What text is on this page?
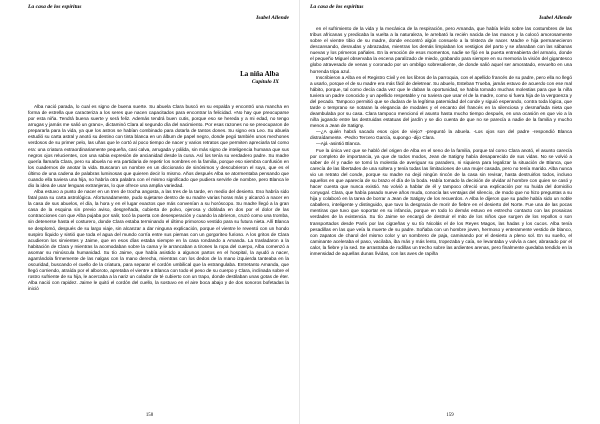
La casa de los espíritus
Isabel Allende
La niña Alba
Capítulo IX

Alba nació parada, lo cual es signo de buena suerte. Su abuela Clara buscó en su espalda y encontró una mancha en forma de estrella que caracteriza a los seres que nacen capacitados para encontrar la felicidad. «No hay que preocuparse por esta niña. Tendrá buena suerte y será feliz. Además tendrá buen cutis, porque eso se hereda y a mi edad, no tengo arrugas y jamás me salió un grano», dictaminó Clara al segundo día del nacimiento. Por esas razones no se preocuparon de prepararla para la vida, ya que los astros se habían combinado para dotarla de tantos dones. Su signo era Leo. Su abuela estudió su carta astral y anotó su destino con tinta blanca en un álbum de papel negro, donde pegó también unos mechones verdosos de su primer pelo, las uñas que le cortó al poco tiempo de nacer y varios retratos que permiten apreciarla tal como era: una criatura extraordinariamente pequeña, casi calva, arrugada y pálida, sin más signo de inteligencia humana que sus negros ojos relucientes, con una sabia expresión de ancianidad desde la cuna. Así los tenía su verdadero padre. Su madre quería llamarla Clara, pero su abuela no era partidaria de repetir los nombres en la familia, porque eso siembra confusión en los cuadernos de anotar la vida. Buscaron un nombre en un diccionario de sinónimos y descubrieron el suyo, que es el último de una cadena de palabras luminosas que quieren decir lo mismo. Años después Alba se atormentaba pensando que cuando ella tuviera una hija, no habría otra palabra con el mismo significado que pudiera servirle de nombre, pero Blanca le dio la idea de usar lenguas extranjeras, lo que ofrece una amplia variedad.

Alba estuvo a punto de nacer en un tren de trocha angosta, a las tres de la tarde, en medio del desierto. Eso habría sido fatal para su carta astrológica. Afortunadamente, pudo sujetarse dentro de su madre varias horas más y alcanzó a nacer en la casa de sus abuelos, el día, la hora y en el lugar exactos que más convenían a su horóscopo. Su madre llegó a la gran casa de la esquina sin previo aviso, desgreñada, cubierta de polvo, ojerosa y doblada en dos por el dolor de las contracciones con que Alba pujaba por salir, tocó la puerta con desesperación y cuando la abrieron, cruzó como una tromba, sin detenerse hasta el costurero, donde Clara estaba terminando el último primoroso vestido para su futura nieta. Allí Blanca se desplomó, después de su largo viaje, sin alcanzar a dar ninguna explicación, porque el vientre le reventó con un hondo suspiro líquido y sintió que toda el agua del mundo corría entre sus piernas con un gorgoriteo furioso. A los gritos de Clara acudieron los sirvientes y Jaime, que en esos días estaba siempre en la casa rondando a Amanda. La trasladaron a la habitación de Clara y mientras la acomodaban sobre la cama y le arrancaban a tirones la ropa del cuerpo, Alba comenzó a asomar su minúscula humanidad. Su tío Jaime, que había asistido a algunos partos en el hospital, la ayudó a nacer, agarrándola firmemente de las nalgas con la mano derecha, mientras con los dedos de la mano izquierda tanteaba en la oscuridad, buscando el cuello de la criatura, para separar el cordón umbilical que la estrangulaba. Entretanto Amanda, que llegó corriendo, atraída por el alboroto, apretaba el vientre a Blanca con todo el peso de su cuerpo y Clara, inclinada sobre el rostro sufriente de su hija, le acercaba a la nariz un colador de té cubierto con un trapo, donde destilaban unas gotas de éter. Alba nació con rapidez. Jaime le quitó el cordón del cuello, la sostuvo en el aire boca abajo y de dos sonoros bofetadas la inició

158
La casa de los espíritus
Isabel Allende

en el sufrimiento de la vida y la mecánica de la respiración, pero Amanda, que había leído sobre las costumbres de las tribus africanas y predicaba la vuelta a la naturaleza, le arrebató la recién nacida de las manos y la colocó amorosamente sobre el vientre tibio de su madre, donde encontró algún consuelo a la tristeza de nacer. Madre e hija permanecieron descansando, desnudas y abrazadas, mientras los demás limpiaban los vestigios del parto y se afanaban con las sábanas nuevas y los primeros pañales. En la emoción de esos momentos, nadie se fijó en la puerta entreabierta del armario, donde el pequeño Miguel observaba la escena paralizado de miedo, grabando para siempre en su memoria la visión del gigantesco globo atravesado de venas y coronado por un ombligo sobresaliente, de donde salió aquel ser amoratado, envuelto en una horrenda tripa azul.

Inscribieron a Alba en el Registro Civil y en los libros de la parroquia, con el apellido francés de su padre, pero ella no llegó a usarlo, porque el de su madre era más fácil de deletrear. Su abuelo, Esteban Trueba, jamás estuvo de acuerdo con ese mal hábito, porque, tal como decía cada vez que le daban la oportunidad, se había tomado muchas molestias para que la niña tuviera un padre conocido y un apellido respetable y no tuviera que usar el de la madre, como si fuera hija de la vergüenza y del pecado. Tampoco permitió que se dudara de la legítima paternidad del conde y siguió esperando, contra toda lógica, que tarde o temprano se notaran la elegancia de modales y el encanto del francés en la silenciosa y desmañada nieta que deambulaba por su casa. Clara tampoco mencionó el asunto hasta mucho tiempo después, en una ocasión en que vio a la niña jugando entre las destruidas estatuas del jardín y se dio cuenta de que no se parecía a nadie de la familia y mucho menos a Jean de Satigny.

—¿A quién habrá sacado esos ojos de viejo? -preguntó la abuela. -Los ojos son del padre -respondió Blanca distraídamente. -Pedro Tercero García, supongo -dijo Clara.

—Ajá -asintió Blanca.

Fue la única vez que se habló del origen de Alba en el seno de la familia, porque tal como Clara anotó, el asunto carecía por completo de importancia, ya que de todos modos, Jean de Satigny había desaparecido de sus vidas. No se volvió a saber de él y nadie se tomó la molestia de averiguar su paradero, ni siquiera para legalizar la situación de Blanca, que carecía de las libertades de una soltera y tenía todas las limitaciones de una mujer casada, pero no tenía marido. Alba nunca vio un retrato del conde, porque su madre no dejó ningún rincón de la casa sin revisar, hasta destruirlos todos, incluso aquellos en que aparecía de su brazo el día de la boda. Había tomado la decisión de olvidar al hombre con quien se casó y hacer cuenta que nunca existió. No volvió a hablar de él y tampoco ofreció una explicación por su huida del domicilio conyugal. Clara, que había pasado nueve años muda, conocía las ventajas del silencio, de modo que no hizo preguntas a su hija y colaboró en la tarea de borrar a Jean de Satigny de los recuerdos. A Alba le dijeron que su padre había sido un noble caballero, inteligente y distinguido, que tuvo la desgracia de morir de fiebre en el desierto del Norte. Fue una de las pocas mentiras que tuvo que soportar en su infancia, porque en todo lo demás estuvo en estrecho contacto con las prosaicas verdades de la existencia. Su tío Jaime se encargó de destruir el mito de los niños que surgen de los repollos o son transportados desde París por las cigüeñas y su tío Nicolás el de los Reyes Magos, las hadas y los cucos. Alba tenía pesadillas en las que veía la muerte de su padre. Soñaba con un hombre joven, hermoso y enteramente vestido de blanco, con zapatos de charol del mismo color y un sombrero de paja, caminando por el desierto a pleno sol. En su sueño, el caminante aceleraba el paso, vacilaba, iba más y más lento, tropezaba y caía, se levantaba y volvía a caer, abrasado por el calor, la fiebre y la sed. Se arrastraba de rodillas un trecho sobre las ardientes arenas, pero finalmente quedaba tendido en la inmensidad de aquellas dunas lívidas, con las aves de rapiña

159
